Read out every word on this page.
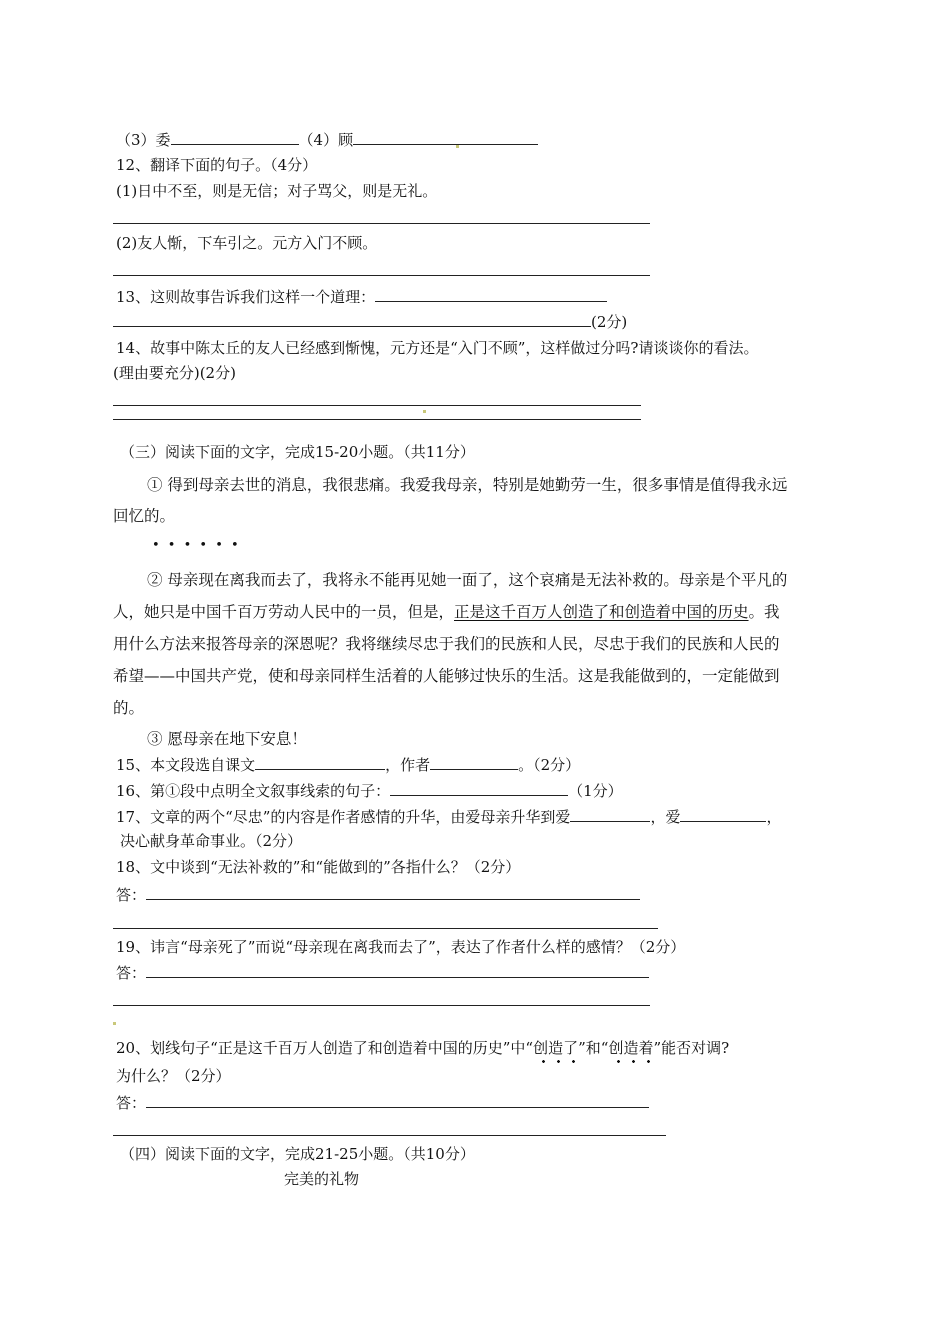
（3）委	（4）顾
12、翻译下面的句子。（4分）
(1)日中不至，则是无信；对子骂父，则是无礼。
(2)友人惭，下车引之。元方入门不顾。
13、这则故事告诉我们这样一个道理：
(2分)
14、故事中陈太丘的友人已经感到惭愧，元方还是“入门不顾”，这样做过分吗?请谈谈你的看法。
(理由要充分)(2分)
（三）阅读下面的文字，完成15-20小题。（共11分）
① 得到母亲去世的消息，我很悲痛。我爱我母亲，特别是她勤劳一生，很多事情是值得我永远
回忆的。
• • • • • •
② 母亲现在离我而去了，我将永不能再见她一面了，这个哀痛是无法补救的。母亲是个平凡的
人，她只是中国千百万劳动人民中的一员，但是，正是这千百万人创造了和创造着中国的历史。我
用什么方法来报答母亲的深恩呢？我将继续尽忠于我们的民族和人民，尽忠于我们的民族和人民的
希望——中国共产党，使和母亲同样生活着的人能够过快乐的生活。这是我能做到的，一定能做到
的。
③ 愿母亲在地下安息！
15、本文段选自课文	，作者	。（2分）
16、第①段中点明全文叙事线索的句子：	（1分）
17、文章的两个“尽忠”的内容是作者感情的升华，由爱母亲升华到爱	，爱	，
决心献身革命事业。（2分）
18、文中谈到“无法补救的”和“能做到的”各指什么？（2分）
答：
19、讳言“母亲死了”而说“母亲现在离我而去了”，表达了作者什么样的感情？（2分）
答：
20、划线句子“正是这千百万人创造了和创造着中国的历史”中“创造了”和“创造着”能否对调?
为什么？（2分）
答：
（四）阅读下面的文字，完成21-25小题。（共10分）
完美的礼物
